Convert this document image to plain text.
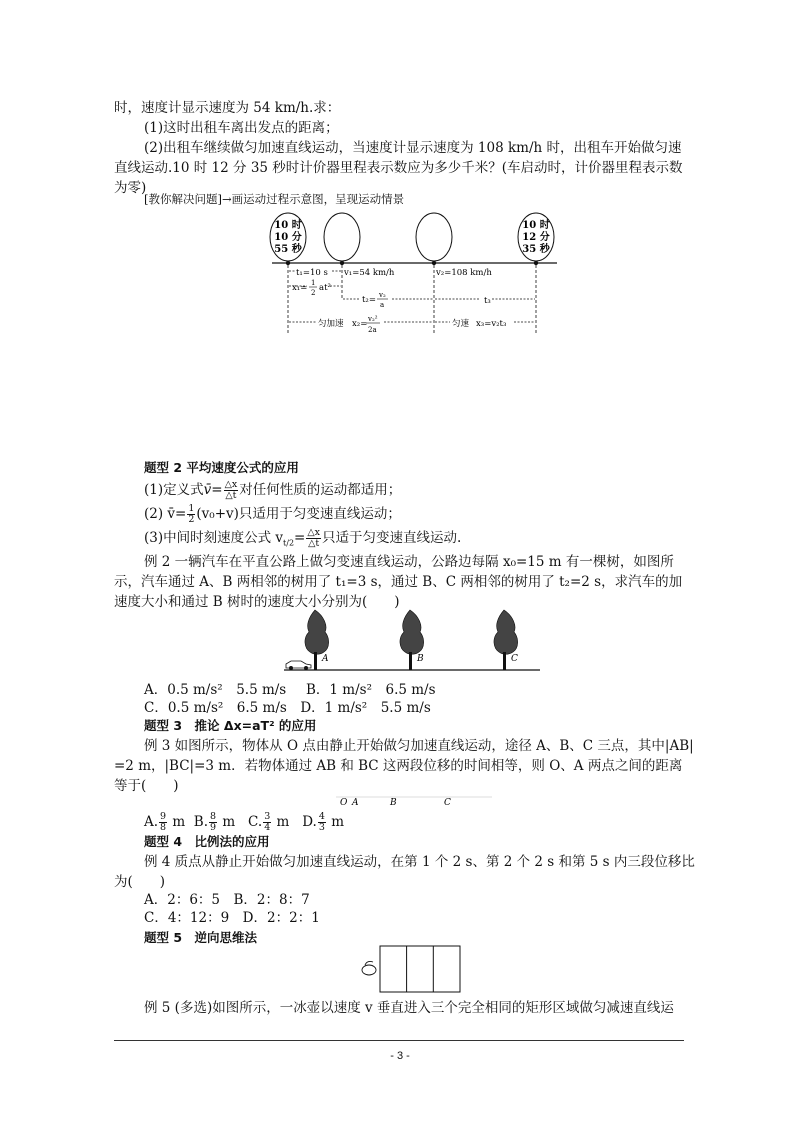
时，速度计显示速度为 54 km/h.求：
(1)这时出租车离出发点的距离；
(2)出租车继续做匀加速直线运动，当速度计显示速度为 108 km/h 时，出租车开始做匀速
直线运动.10 时 12 分 35 秒时计价器里程表示数应为多少千米？(车启动时，计价器里程表示数
为零)
[教你解决问题]→画运动过程示意图，呈现运动情景
10 时
10 分
55 秒
10 时
12 分
35 秒
t₁=10 s v₁=54 km/h	v₂=108 km/h
x₁= 1
2 at²
t₂= v₂
a	t₃
匀加速 x₂= v₂²
2a
匀速 x₃=v₂t₃
题型 2 平均速度公式的应用
(1)定义式v̄= $\frac{\triangle x}{\triangle t}$ 对任何性质的运动都适用；
(2) v̄= $\frac{1}{2} (v_0+v)$只适用于匀变速直线运动；
(3)中间时刻速度公式 $v_{t/2}= \frac{\triangle x}{\triangle t}$ 只适于匀变速直线运动.
例 2 一辆汽车在平直公路上做匀变速直线运动，公路边每隔 x₀=15 m 有一棵树，如图所
示，汽车通过 A、B 两相邻的树用了 t₁=3 s，通过 B、C 两相邻的树用了 t₂=2 s，求汽车的加
速度大小和通过 B 树时的速度大小分别为(　　)
A	B	C
A．0.5 m/s²　5.5 m/s	B．1 m/s²　6.5 m/s
C．0.5 m/s²　6.5 m/s　 D．1 m/s²　5.5 m/s
题型 3　推论 Δx=aT² 的应用
例 3 如图所示，物体从 O 点由静止开始做匀加速直线运动，途径 A、B、C 三点，其中|AB|
=2 m，|BC|=3 m．若物体通过 AB 和 BC 这两段位移的时间相等，则 O、A 两点之间的距离
等于(　　)
O A	B	C
A. $\frac{9}{8}$ m B. $\frac{8}{9}$ m C. $\frac{3}{4}$ m D. $\frac{4}{3}$ m
题型 4　比例法的应用
例 4 质点从静止开始做匀加速直线运动，在第 1 个 2 s、第 2 个 2 s 和第 5 s 内三段位移比
为(　　)
A．2：6：5　B．2：8：7
C．4：12：9　D．2：2：1
题型 5　逆向思维法
例 5 (多选)如图所示，一冰壶以速度 v 垂直进入三个完全相同的矩形区域做匀减速直线运
- 3 -
